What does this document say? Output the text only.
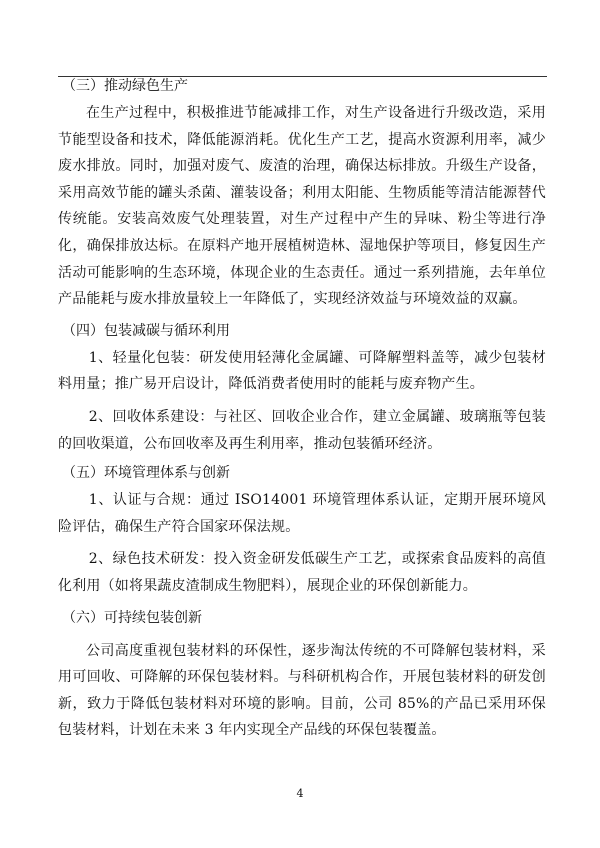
（三）推动绿色生产

在生产过程中，积极推进节能减排工作，对生产设备进行升级改造，采用节能型设备和技术，降低能源消耗。优化生产工艺，提高水资源利用率，减少废水排放。同时，加强对废气、废渣的治理，确保达标排放。升级生产设备，采用高效节能的罐头杀菌、灌装设备；利用太阳能、生物质能等清洁能源替代传统能。安装高效废气处理装置，对生产过程中产生的异味、粉尘等进行净化，确保排放达标。在原料产地开展植树造林、湿地保护等项目，修复因生产活动可能影响的生态环境，体现企业的生态责任。通过一系列措施，去年单位产品能耗与废水排放量较上一年降低了，实现经济效益与环境效益的双赢。

（四）包装减碳与循环利用

1、轻量化包装：研发使用轻薄化金属罐、可降解塑料盖等，减少包装材料用量；推广易开启设计，降低消费者使用时的能耗与废弃物产生。

2、回收体系建设：与社区、回收企业合作，建立金属罐、玻璃瓶等包装的回收渠道，公布回收率及再生利用率，推动包装循环经济。

（五）环境管理体系与创新

1、认证与合规：通过 ISO14001 环境管理体系认证，定期开展环境风险评估，确保生产符合国家环保法规。

2、绿色技术研发：投入资金研发低碳生产工艺，或探索食品废料的高值化利用（如将果蔬皮渣制成生物肥料），展现企业的环保创新能力。

（六）可持续包装创新

公司高度重视包装材料的环保性，逐步淘汰传统的不可降解包装材料，采用可回收、可降解的环保包装材料。与科研机构合作，开展包装材料的研发创新，致力于降低包装材料对环境的影响。目前，公司 85%的产品已采用环保包装材料，计划在未来 3 年内实现全产品线的环保包装覆盖。

4
